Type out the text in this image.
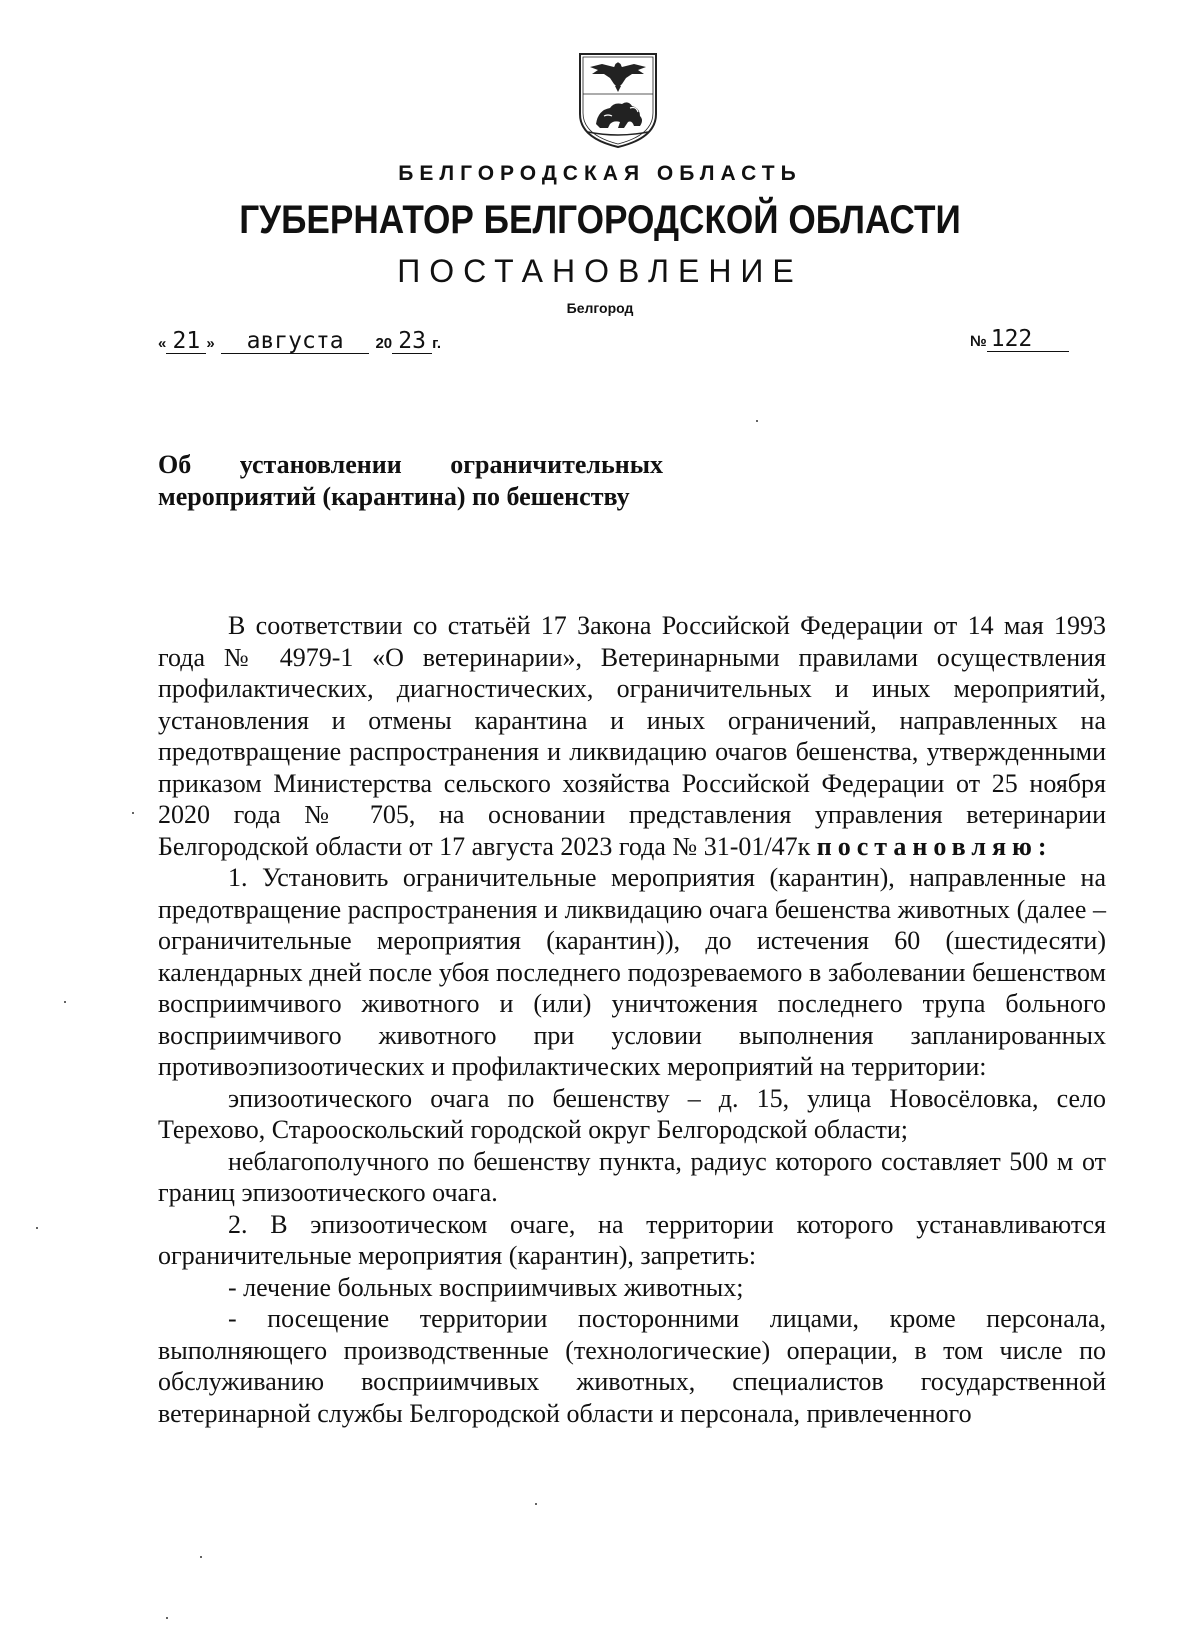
БЕЛГОРОДСКАЯ ОБЛАСТЬ
ГУБЕРНАТОР БЕЛГОРОДСКОЙ ОБЛАСТИ
ПОСТАНОВЛЕНИЕ
Белгород
« 21 » августа 20 23 г.	№ 122
Об установлении ограничительных мероприятий (карантина) по бешенству

В соответствии со статьёй 17 Закона Российской Федерации от 14 мая 1993 года № 4979-1 «О ветеринарии», Ветеринарными правилами осуществления профилактических, диагностических, ограничительных и иных мероприятий, установления и отмены карантина и иных ограничений, направленных на предотвращение распространения и ликвидацию очагов бешенства, утвержденными приказом Министерства сельского хозяйства Российской Федерации от 25 ноября 2020 года № 705, на основании представления управления ветеринарии Белгородской области от 17 августа 2023 года № 31-01/47к постановляю:

1. Установить ограничительные мероприятия (карантин), направленные на предотвращение распространения и ликвидацию очага бешенства животных (далее – ограничительные мероприятия (карантин)), до истечения 60 (шестидесяти) календарных дней после убоя последнего подозреваемого в заболевании бешенством восприимчивого животного и (или) уничтожения последнего трупа больного восприимчивого животного при условии выполнения запланированных противоэпизоотических и профилактических мероприятий на территории:

эпизоотического очага по бешенству – д. 15, улица Новосёловка, село Терехово, Старооскольский городской округ Белгородской области;

неблагополучного по бешенству пункта, радиус которого составляет 500 м от границ эпизоотического очага.

2. В эпизоотическом очаге, на территории которого устанавливаются ограничительные мероприятия (карантин), запретить:

- лечение больных восприимчивых животных;

- посещение территории посторонними лицами, кроме персонала, выполняющего производственные (технологические) операции, в том числе по обслуживанию восприимчивых животных, специалистов государственной ветеринарной службы Белгородской области и персонала, привлеченного
